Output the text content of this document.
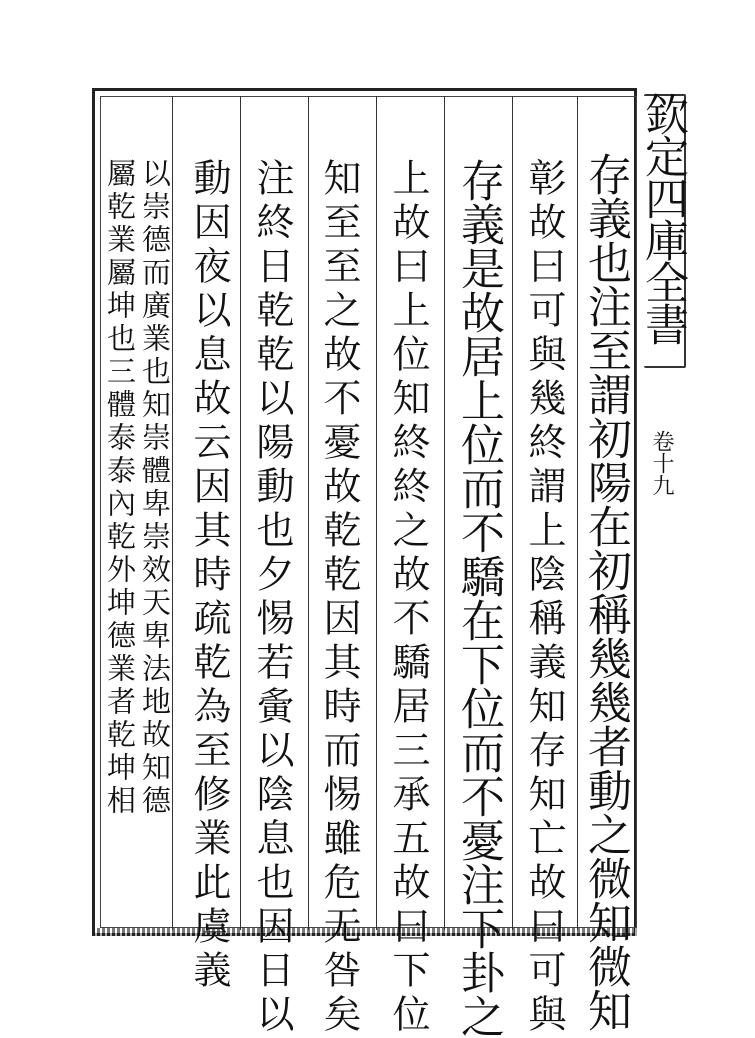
欽定四庫全書
卷十九
存義也注至謂初陽在初稱幾幾者動之微知微知
彰故曰可與幾終謂上陰稱義知存知亡故曰可與
存義是故居上位而不驕在下位而不憂注下卦之
上故曰上位知終終之故不驕居三承五故曰下位
知至至之故不憂故乾乾因其時而惕雖危无咎矣
注終日乾乾以陽動也夕惕若夤以陰息也因日以
動因夜以息故云因其時疏乾為至修業此虞義
以崇德而廣業也知崇體卑崇效天卑法地故知德
屬乾業屬坤也三體泰泰內乾外坤德業者乾坤相
